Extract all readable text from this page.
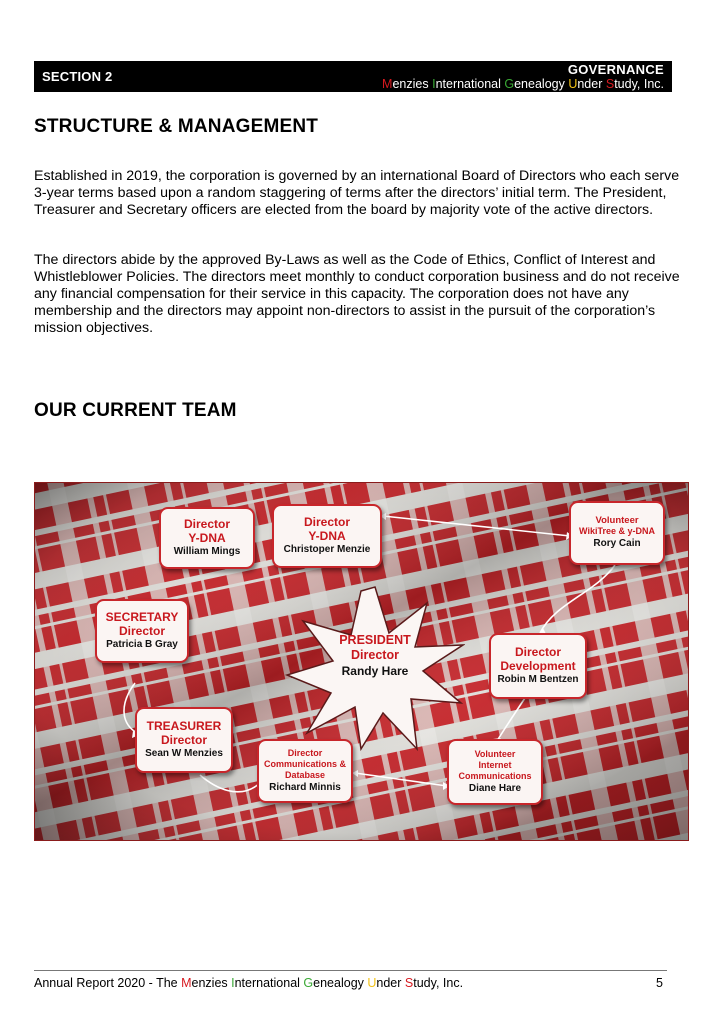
SECTION 2	GOVERNANCE
Menzies International Genealogy Under Study, Inc.
STRUCTURE & MANAGEMENT

Established in 2019, the corporation is governed by an international Board of Directors who each serve 3-year terms based upon a random staggering of terms after the directors’ initial term. The President, Treasurer and Secretary officers are elected from the board by majority vote of the active directors.

The directors abide by the approved By-Laws as well as the Code of Ethics, Conflict of Interest and Whistleblower Policies. The directors meet monthly to conduct corporation business and do not receive any financial compensation for their service in this capacity. The corporation does not have any membership and the directors may appoint non-directors to assist in the pursuit of the corporation’s mission objectives.

OUR CURRENT TEAM
Director
Y-DNA
William Mings
Director
Y-DNA
Christoper Menzie
Volunteer
WikiTree & y-DNA
Rory Cain
SECRETARY
Director
Patricia B Gray	PRESIDENT
Director
Randy Hare
Director
Development
Robin M Bentzen
TREASURER
Director
Sean W Menzies	Director
Communications &
Database
Richard Minnis
Volunteer
Internet
Communications
Diane Hare
Annual Report 2020 - The Menzies International Genealogy Under Study, Inc.	5
